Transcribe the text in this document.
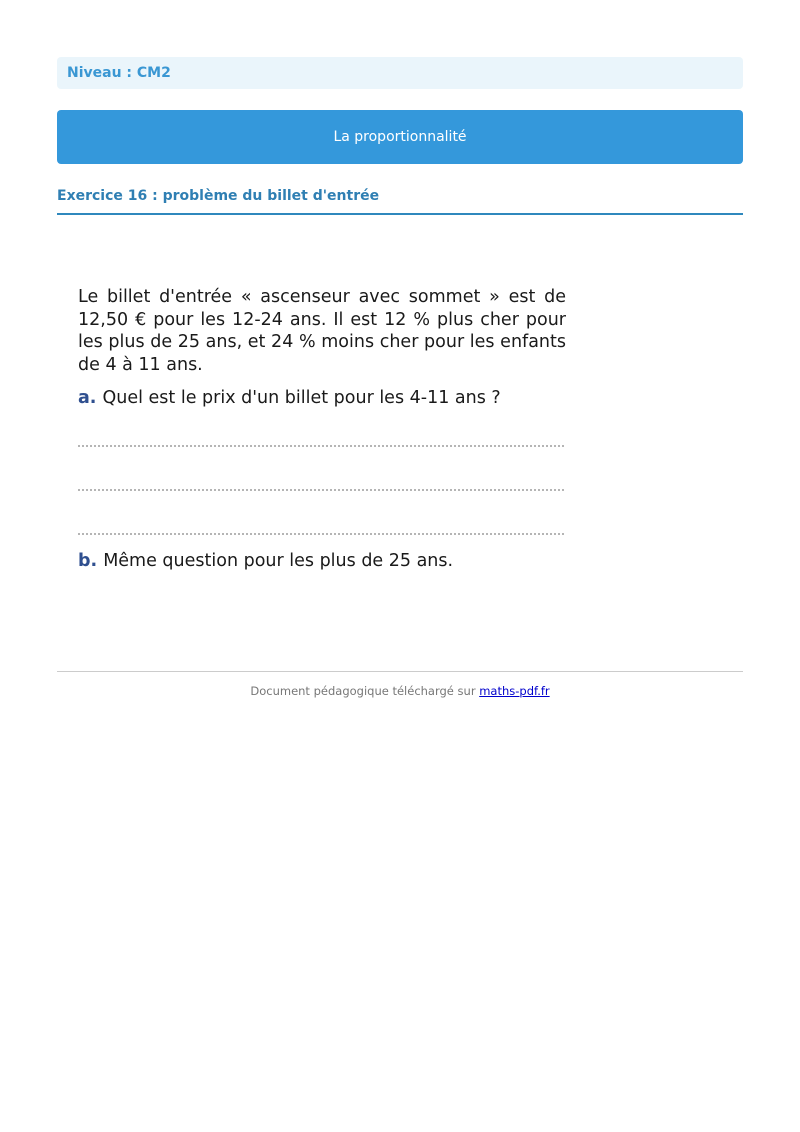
Niveau : CM2
La proportionnalité
Exercice 16 : problème du billet d'entrée

Le billet d'entrée « ascenseur avec sommet » est de 12,50 € pour les 12-24 ans. Il est 12 % plus cher pour les plus de 25 ans, et 24 % moins cher pour les enfants de 4 à 11 ans.

a. Quel est le prix d'un billet pour les 4-11 ans ?

b. Même question pour les plus de 25 ans.

Document pédagogique téléchargé sur maths-pdf.fr
